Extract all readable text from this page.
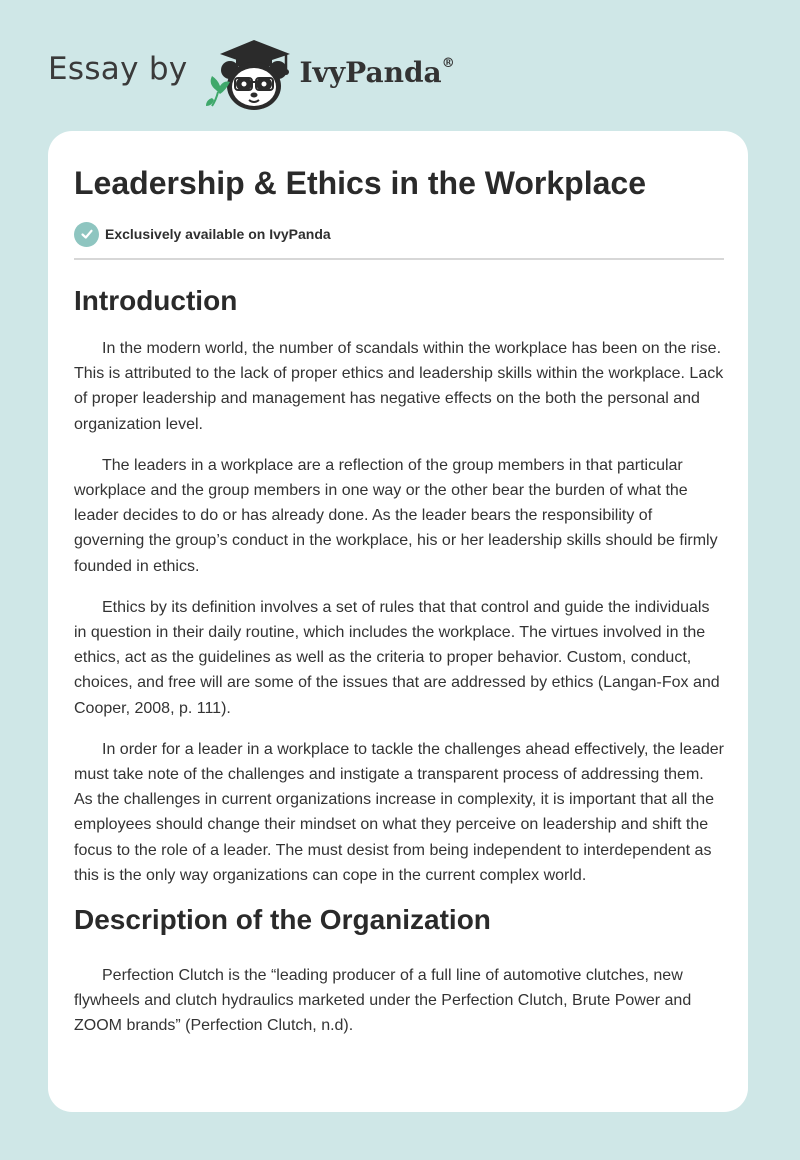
Essay by	IvyPanda®
Leadership & Ethics in the Workplace
Exclusively available on IvyPanda
Introduction

In the modern world, the number of scandals within the workplace has been on the rise. This is attributed to the lack of proper ethics and leadership skills within the workplace. Lack of proper leadership and management has negative effects on the both the personal and organization level.

The leaders in a workplace are a reflection of the group members in that particular workplace and the group members in one way or the other bear the burden of what the leader decides to do or has already done. As the leader bears the responsibility of governing the group’s conduct in the workplace, his or her leadership skills should be firmly founded in ethics.

Ethics by its definition involves a set of rules that that control and guide the individuals in question in their daily routine, which includes the workplace. The virtues involved in the ethics, act as the guidelines as well as the criteria to proper behavior. Custom, conduct, choices, and free will are some of the issues that are addressed by ethics (Langan-Fox and Cooper, 2008, p. 111).

In order for a leader in a workplace to tackle the challenges ahead effectively, the leader must take note of the challenges and instigate a transparent process of addressing them. As the challenges in current organizations increase in complexity, it is important that all the employees should change their mindset on what they perceive on leadership and shift the focus to the role of a leader. The must desist from being independent to interdependent as this is the only way organizations can cope in the current complex world.

Description of the Organization

Perfection Clutch is the “leading producer of a full line of automotive clutches, new flywheels and clutch hydraulics marketed under the Perfection Clutch, Brute Power and ZOOM brands” (Perfection Clutch, n.d).
